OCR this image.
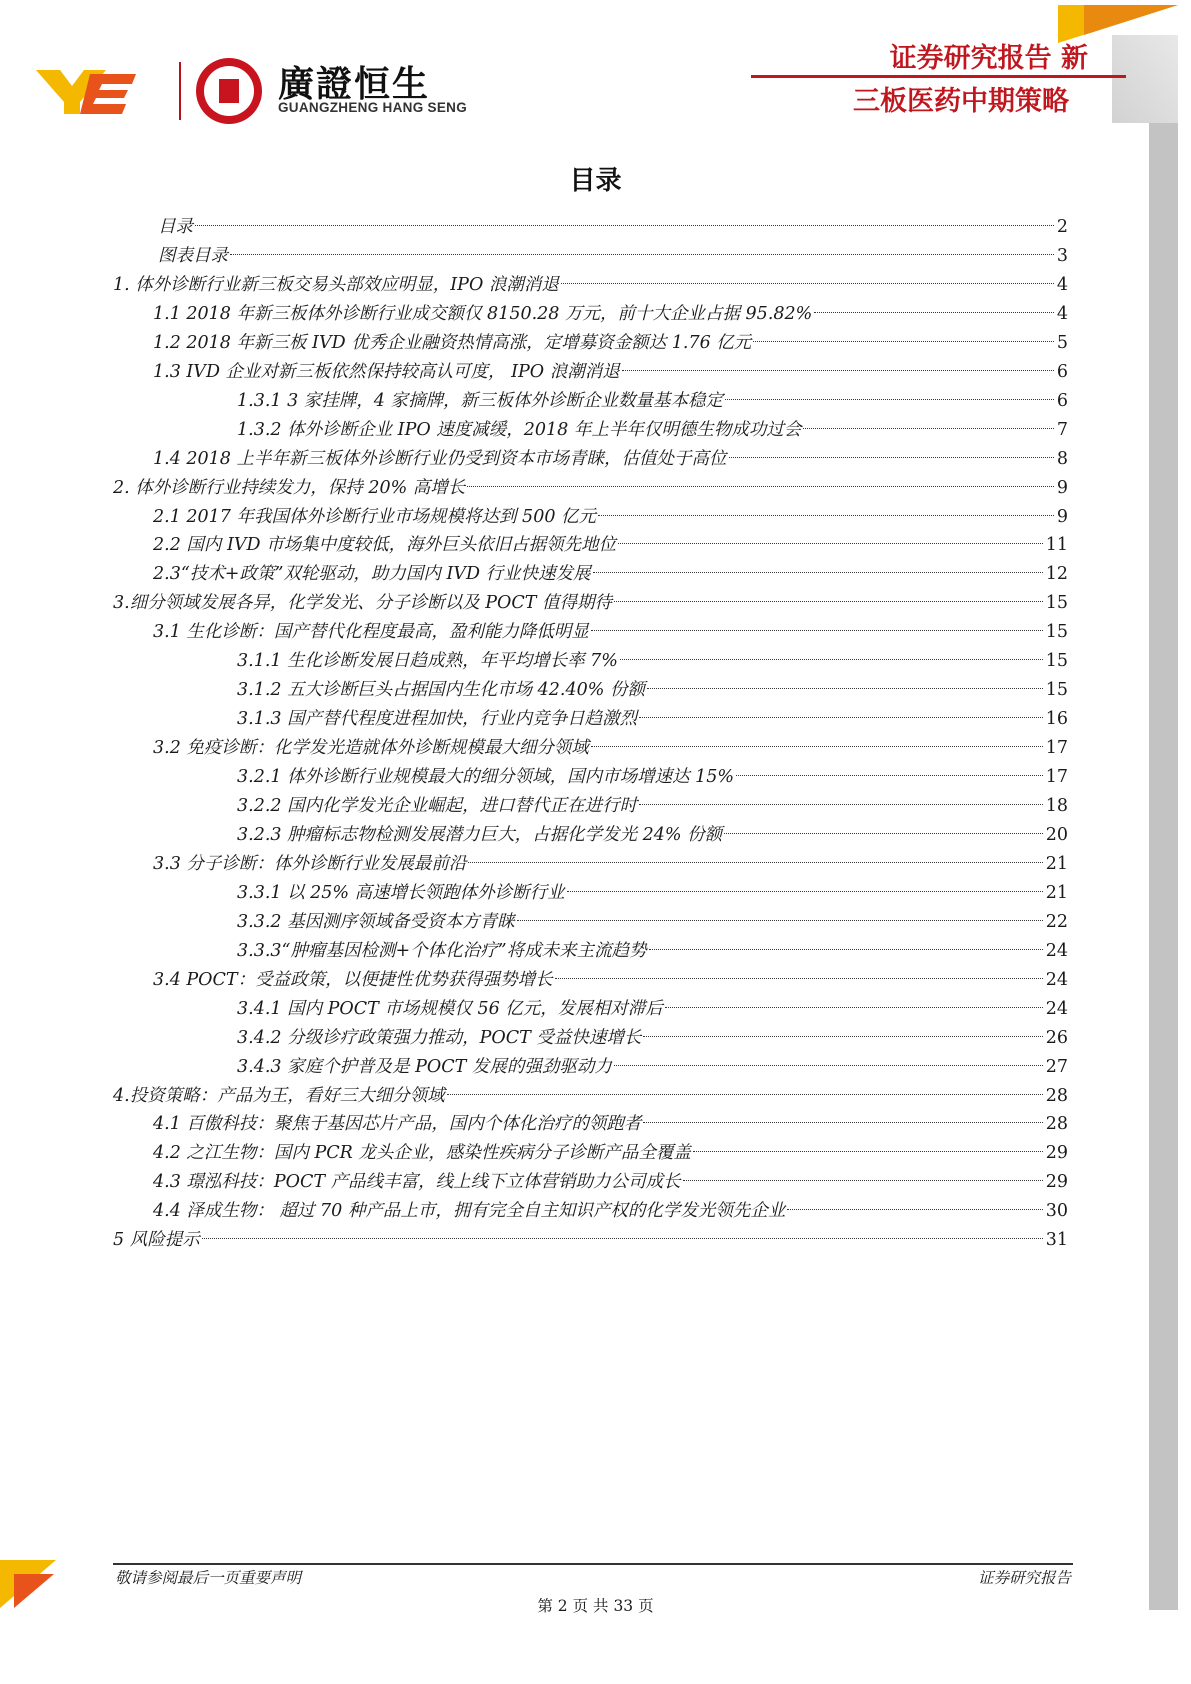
廣證恒生
GUANGZHENG HANG SENG
证券研究报告 新
三板医药中期策略
目录
目录	2
图表目录	3
1. 体外诊断行业新三板交易头部效应明显，IPO 浪潮消退	4
1.1 2018 年新三板体外诊断行业成交额仅 8150.28 万元，前十大企业占据 95.82%	4
1.2 2018 年新三板 IVD 优秀企业融资热情高涨，定增募资金额达 1.76 亿元	5
1.3 IVD 企业对新三板依然保持较高认可度， IPO 浪潮消退	6
1.3.1 3 家挂牌，4 家摘牌，新三板体外诊断企业数量基本稳定	6
1.3.2 体外诊断企业 IPO 速度减缓，2018 年上半年仅明德生物成功过会	7
1.4 2018 上半年新三板体外诊断行业仍受到资本市场青睐，估值处于高位	8
2. 体外诊断行业持续发力，保持 20% 高增长	9
2.1 2017 年我国体外诊断行业市场规模将达到 500 亿元	9
2.2 国内 IVD 市场集中度较低，海外巨头依旧占据领先地位	11
2.3“技术+政策”双轮驱动，助力国内 IVD 行业快速发展	12
3.细分领域发展各异，化学发光、分子诊断以及 POCT 值得期待	15
3.1 生化诊断：国产替代化程度最高，盈利能力降低明显	15
3.1.1 生化诊断发展日趋成熟，年平均增长率 7%	15
3.1.2 五大诊断巨头占据国内生化市场 42.40% 份额	15
3.1.3 国产替代程度进程加快，行业内竞争日趋激烈	16
3.2 免疫诊断：化学发光造就体外诊断规模最大细分领域	17
3.2.1 体外诊断行业规模最大的细分领域，国内市场增速达 15%	17
3.2.2 国内化学发光企业崛起，进口替代正在进行时	18
3.2.3 肿瘤标志物检测发展潜力巨大，占据化学发光 24% 份额	20
3.3 分子诊断：体外诊断行业发展最前沿	21
3.3.1 以 25% 高速增长领跑体外诊断行业	21
3.3.2 基因测序领域备受资本方青睐	22
3.3.3“肿瘤基因检测+个体化治疗”将成未来主流趋势	24
3.4 POCT：受益政策，以便捷性优势获得强势增长	24
3.4.1 国内 POCT 市场规模仅 56 亿元，发展相对滞后	24
3.4.2 分级诊疗政策强力推动，POCT 受益快速增长	26
3.4.3 家庭个护普及是 POCT 发展的强劲驱动力	27
4.投资策略：产品为王，看好三大细分领域	28
4.1 百傲科技：聚焦于基因芯片产品，国内个体化治疗的领跑者	28
4.2 之江生物：国内 PCR 龙头企业，感染性疾病分子诊断产品全覆盖	29
4.3 璟泓科技：POCT 产品线丰富，线上线下立体营销助力公司成长	29
4.4 泽成生物： 超过 70 种产品上市，拥有完全自主知识产权的化学发光领先企业	30
5 风险提示	31
敬请参阅最后一页重要声明	证券研究报告
第 2 页 共 33 页
